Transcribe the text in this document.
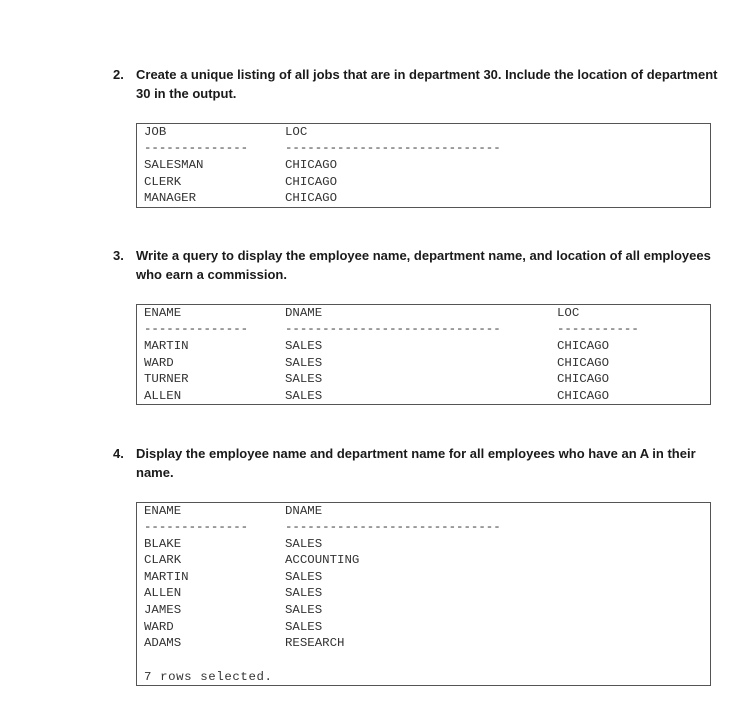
2. Create a unique listing of all jobs that are in department 30. Include the location of department 30 in the output.
JOB	LOC
--------------	-----------------------------
SALESMAN	CHICAGO
CLERK	CHICAGO
MANAGER	CHICAGO
3. Write a query to display the employee name, department name, and location of all employees who earn a commission.
ENAME	DNAME	LOC
--------------	-----------------------------	-----------
MARTIN	SALES	CHICAGO
WARD	SALES	CHICAGO
TURNER	SALES	CHICAGO
ALLEN	SALES	CHICAGO
4. Display the employee name and department name for all employees who have an A in their name.
ENAME	DNAME
--------------	-----------------------------
BLAKE	SALES
CLARK	ACCOUNTING
MARTIN	SALES
ALLEN	SALES
JAMES	SALES
WARD	SALES
ADAMS	RESEARCH
7 rows selected.
